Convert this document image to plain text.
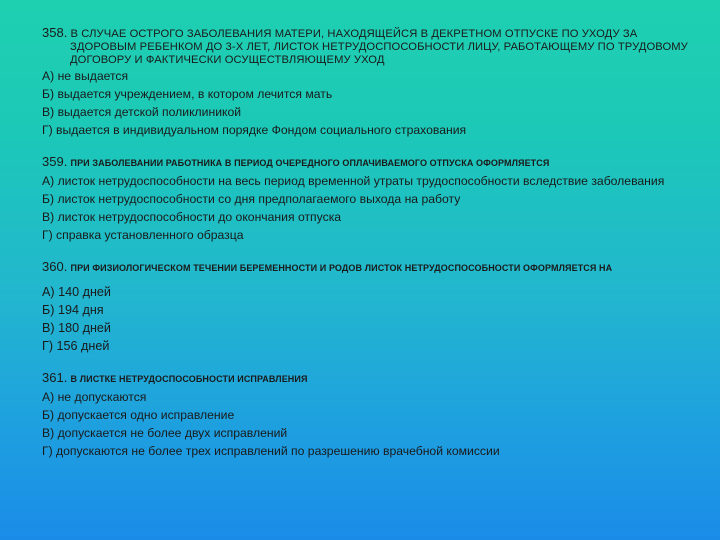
358. В СЛУЧАЕ ОСТРОГО ЗАБОЛЕВАНИЯ МАТЕРИ, НАХОДЯЩЕЙСЯ В ДЕКРЕТНОМ ОТПУСКЕ ПО УХОДУ ЗА ЗДОРОВЫМ РЕБЕНКОМ ДО 3-Х ЛЕТ, ЛИСТОК НЕТРУДОСПОСОБНОСТИ ЛИЦУ, РАБОТАЮЩЕМУ ПО ТРУДОВОМУ ДОГОВОРУ И ФАКТИЧЕСКИ ОСУЩЕСТВЛЯЮЩЕМУ УХОД
А) не выдается
Б) выдается учреждением, в котором лечится мать
В) выдается детской поликлиникой
Г) выдается в индивидуальном порядке Фондом социального страхования
359. ПРИ ЗАБОЛЕВАНИИ РАБОТНИКА В ПЕРИОД ОЧЕРЕДНОГО ОПЛАЧИВАЕМОГО ОТПУСКА ОФОРМЛЯЕТСЯ
А) листок нетрудоспособности на весь период временной утраты трудоспособности вследствие заболевания
Б) листок нетрудоспособности со дня предполагаемого выхода на работу
В) листок нетрудоспособности до окончания отпуска
Г) справка установленного образца
360. ПРИ ФИЗИОЛОГИЧЕСКОМ ТЕЧЕНИИ БЕРЕМЕННОСТИ И РОДОВ ЛИСТОК НЕТРУДОСПОСОБНОСТИ ОФОРМЛЯЕТСЯ НА
А) 140 дней
Б) 194 дня
В) 180 дней
Г) 156 дней
361. В ЛИСТКЕ НЕТРУДОСПОСОБНОСТИ ИСПРАВЛЕНИЯ
А) не допускаются
Б) допускается одно исправление
В) допускается не более двух исправлений
Г) допускаются не более трех исправлений по разрешению врачебной комиссии
